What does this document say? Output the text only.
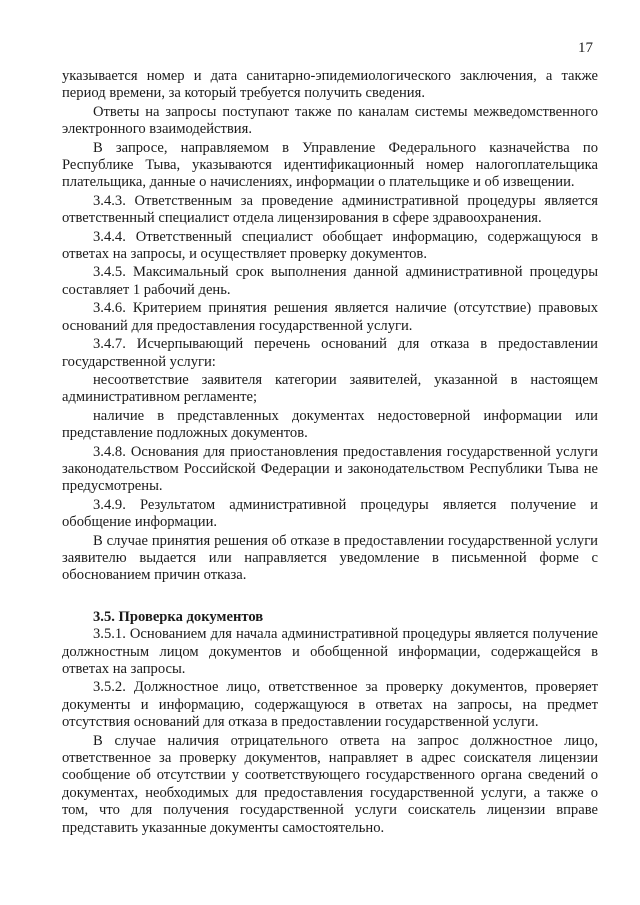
17

указывается номер и дата санитарно-эпидемиологического заключения, а также период времени, за который требуется получить сведения.

Ответы на запросы поступают также по каналам системы межведомственного электронного взаимодействия.

В запросе, направляемом в Управление Федерального казначейства по Республике Тыва, указываются идентификационный номер налогоплательщика плательщика, данные о начислениях, информации о плательщике и об извещении.

3.4.3. Ответственным за проведение административной процедуры является ответственный специалист отдела лицензирования в сфере здравоохранения.

3.4.4. Ответственный специалист обобщает информацию, содержащуюся в ответах на запросы, и осуществляет проверку документов.

3.4.5. Максимальный срок выполнения данной административной процедуры составляет 1 рабочий день.

3.4.6. Критерием принятия решения является наличие (отсутствие) правовых оснований для предоставления государственной услуги.

3.4.7. Исчерпывающий перечень оснований для отказа в предоставлении государственной услуги:

несоответствие заявителя категории заявителей, указанной в настоящем административном регламенте;

наличие в представленных документах недостоверной информации или представление подложных документов.

3.4.8. Основания для приостановления предоставления государственной услуги законодательством Российской Федерации и законодательством Республики Тыва не предусмотрены.

3.4.9. Результатом административной процедуры является получение и обобщение информации.

В случае принятия решения об отказе в предоставлении государственной услуги заявителю выдается или направляется уведомление в письменной форме с обоснованием причин отказа.

3.5. Проверка документов

3.5.1. Основанием для начала административной процедуры является получение должностным лицом документов и обобщенной информации, содержащейся в ответах на запросы.

3.5.2. Должностное лицо, ответственное за проверку документов, проверяет документы и информацию, содержащуюся в ответах на запросы, на предмет отсутствия оснований для отказа в предоставлении государственной услуги.

В случае наличия отрицательного ответа на запрос должностное лицо, ответственное за проверку документов, направляет в адрес соискателя лицензии сообщение об отсутствии у соответствующего государственного органа сведений о документах, необходимых для предоставления государственной услуги, а также о том, что для получения государственной услуги соискатель лицензии вправе представить указанные документы самостоятельно.
